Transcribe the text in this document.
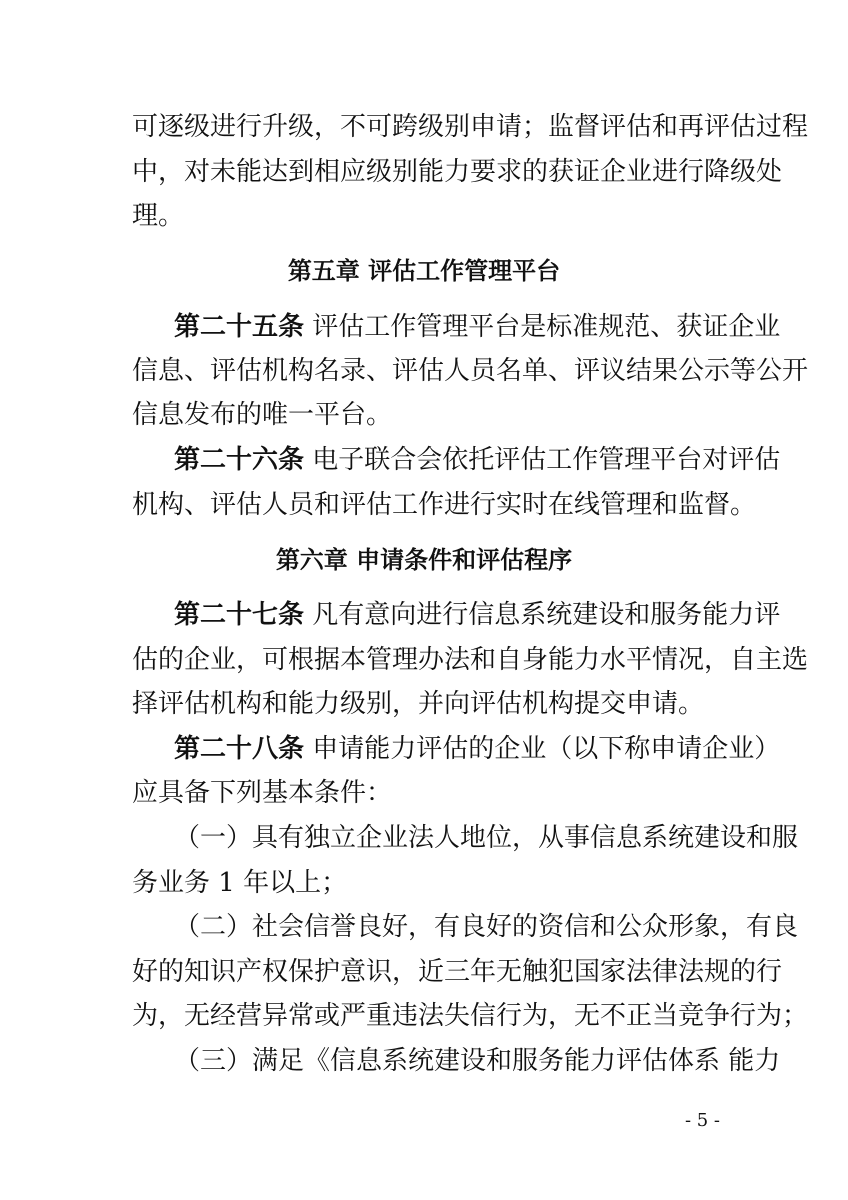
可逐级进行升级，不可跨级别申请；监督评估和再评估过程
中，对未能达到相应级别能力要求的获证企业进行降级处
理。
第五章 评估工作管理平台
第二十五条 评估工作管理平台是标准规范、获证企业
信息、评估机构名录、评估人员名单、评议结果公示等公开
信息发布的唯一平台。
第二十六条 电子联合会依托评估工作管理平台对评估
机构、评估人员和评估工作进行实时在线管理和监督。
第六章 申请条件和评估程序
第二十七条 凡有意向进行信息系统建设和服务能力评
估的企业，可根据本管理办法和自身能力水平情况，自主选
择评估机构和能力级别，并向评估机构提交申请。
第二十八条 申请能力评估的企业（以下称申请企业）
应具备下列基本条件：
（一）具有独立企业法人地位，从事信息系统建设和服
务业务 1 年以上；
（二）社会信誉良好，有良好的资信和公众形象，有良
好的知识产权保护意识，近三年无触犯国家法律法规的行
为，无经营异常或严重违法失信行为，无不正当竞争行为；
（三）满足《信息系统建设和服务能力评估体系 能力
- 5 -
